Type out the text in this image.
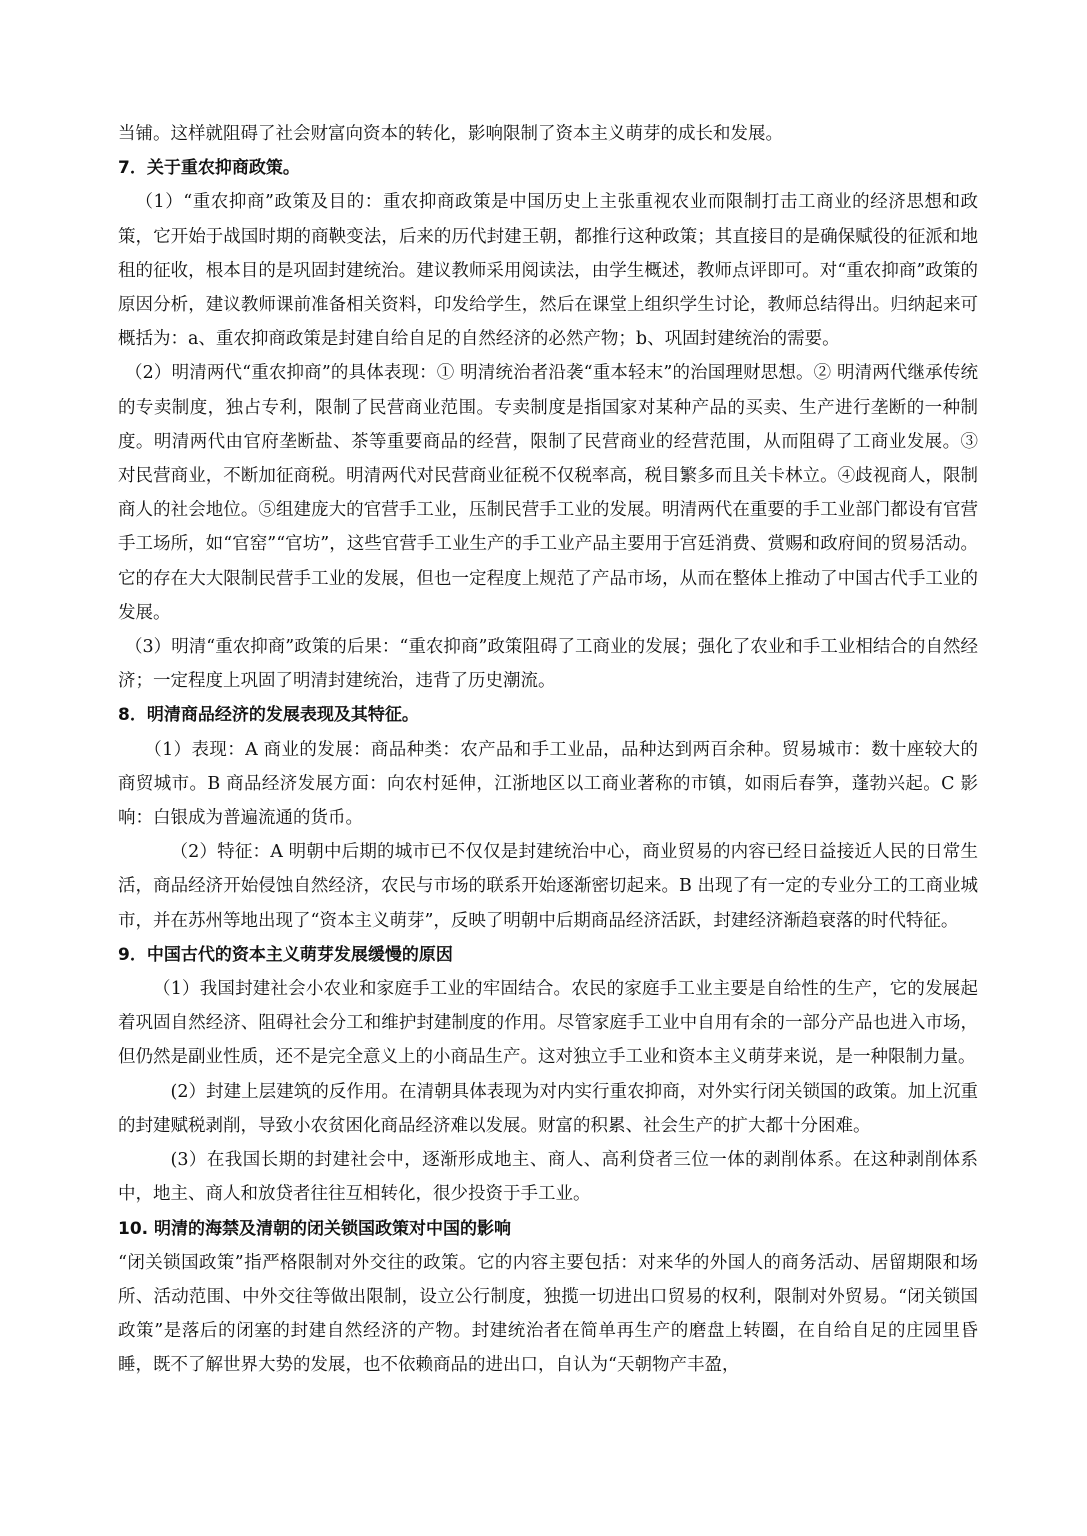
当铺。这样就阻碍了社会财富向资本的转化，影响限制了资本主义萌芽的成长和发展。

7．关于重农抑商政策。

（1）“重农抑商”政策及目的：重农抑商政策是中国历史上主张重视农业而限制打击工商业的经济思想和政策，它开始于战国时期的商鞅变法，后来的历代封建王朝，都推行这种政策；其直接目的是确保赋役的征派和地租的征收，根本目的是巩固封建统治。建议教师采用阅读法，由学生概述，教师点评即可。对“重农抑商”政策的原因分析，建议教师课前准备相关资料，印发给学生，然后在课堂上组织学生讨论，教师总结得出。归纳起来可概括为：a、重农抑商政策是封建自给自足的自然经济的必然产物；b、巩固封建统治的需要。

（2）明清两代“重农抑商”的具体表现：① 明清统治者沿袭“重本轻末”的治国理财思想。② 明清两代继承传统的专卖制度，独占专利，限制了民营商业范围。专卖制度是指国家对某种产品的买卖、生产进行垄断的一种制度。明清两代由官府垄断盐、茶等重要商品的经营，限制了民营商业的经营范围，从而阻碍了工商业发展。③ 对民营商业，不断加征商税。明清两代对民营商业征税不仅税率高，税目繁多而且关卡林立。④歧视商人，限制商人的社会地位。⑤组建庞大的官营手工业，压制民营手工业的发展。明清两代在重要的手工业部门都设有官营手工场所，如“官窑”“官坊”，这些官营手工业生产的手工业产品主要用于宫廷消费、赏赐和政府间的贸易活动。它的存在大大限制民营手工业的发展，但也一定程度上规范了产品市场，从而在整体上推动了中国古代手工业的发展。

（3）明清“重农抑商”政策的后果：“重农抑商”政策阻碍了工商业的发展；强化了农业和手工业相结合的自然经济；一定程度上巩固了明清封建统治，违背了历史潮流。

8．明清商品经济的发展表现及其特征。

（1）表现：A 商业的发展：商品种类：农产品和手工业品，品种达到两百余种。贸易城市：数十座较大的商贸城市。B 商品经济发展方面：向农村延伸，江浙地区以工商业著称的市镇，如雨后春笋，蓬勃兴起。C 影响：白银成为普遍流通的货币。

（2）特征：A 明朝中后期的城市已不仅仅是封建统治中心，商业贸易的内容已经日益接近人民的日常生活，商品经济开始侵蚀自然经济，农民与市场的联系开始逐渐密切起来。B 出现了有一定的专业分工的工商业城市，并在苏州等地出现了“资本主义萌芽”，反映了明朝中后期商品经济活跃，封建经济渐趋衰落的时代特征。

9．中国古代的资本主义萌芽发展缓慢的原因

（1）我国封建社会小农业和家庭手工业的牢固结合。农民的家庭手工业主要是自给性的生产，它的发展起着巩固自然经济、阻碍社会分工和维护封建制度的作用。尽管家庭手工业中自用有余的一部分产品也进入市场，但仍然是副业性质，还不是完全意义上的小商品生产。这对独立手工业和资本主义萌芽来说，是一种限制力量。

(2）封建上层建筑的反作用。在清朝具体表现为对内实行重农抑商，对外实行闭关锁国的政策。加上沉重的封建赋税剥削，导致小农贫困化商品经济难以发展。财富的积累、社会生产的扩大都十分困难。

(3）在我国长期的封建社会中，逐渐形成地主、商人、高利贷者三位一体的剥削体系。在这种剥削体系中，地主、商人和放贷者往往互相转化，很少投资于手工业。

10. 明清的海禁及清朝的闭关锁国政策对中国的影响

“闭关锁国政策”指严格限制对外交往的政策。它的内容主要包括：对来华的外国人的商务活动、居留期限和场所、活动范围、中外交往等做出限制，设立公行制度，独揽一切进出口贸易的权利，限制对外贸易。“闭关锁国政策”是落后的闭塞的封建自然经济的产物。封建统治者在简单再生产的磨盘上转圈，在自给自足的庄园里昏睡，既不了解世界大势的发展，也不依赖商品的进出口，自认为“天朝物产丰盈，
